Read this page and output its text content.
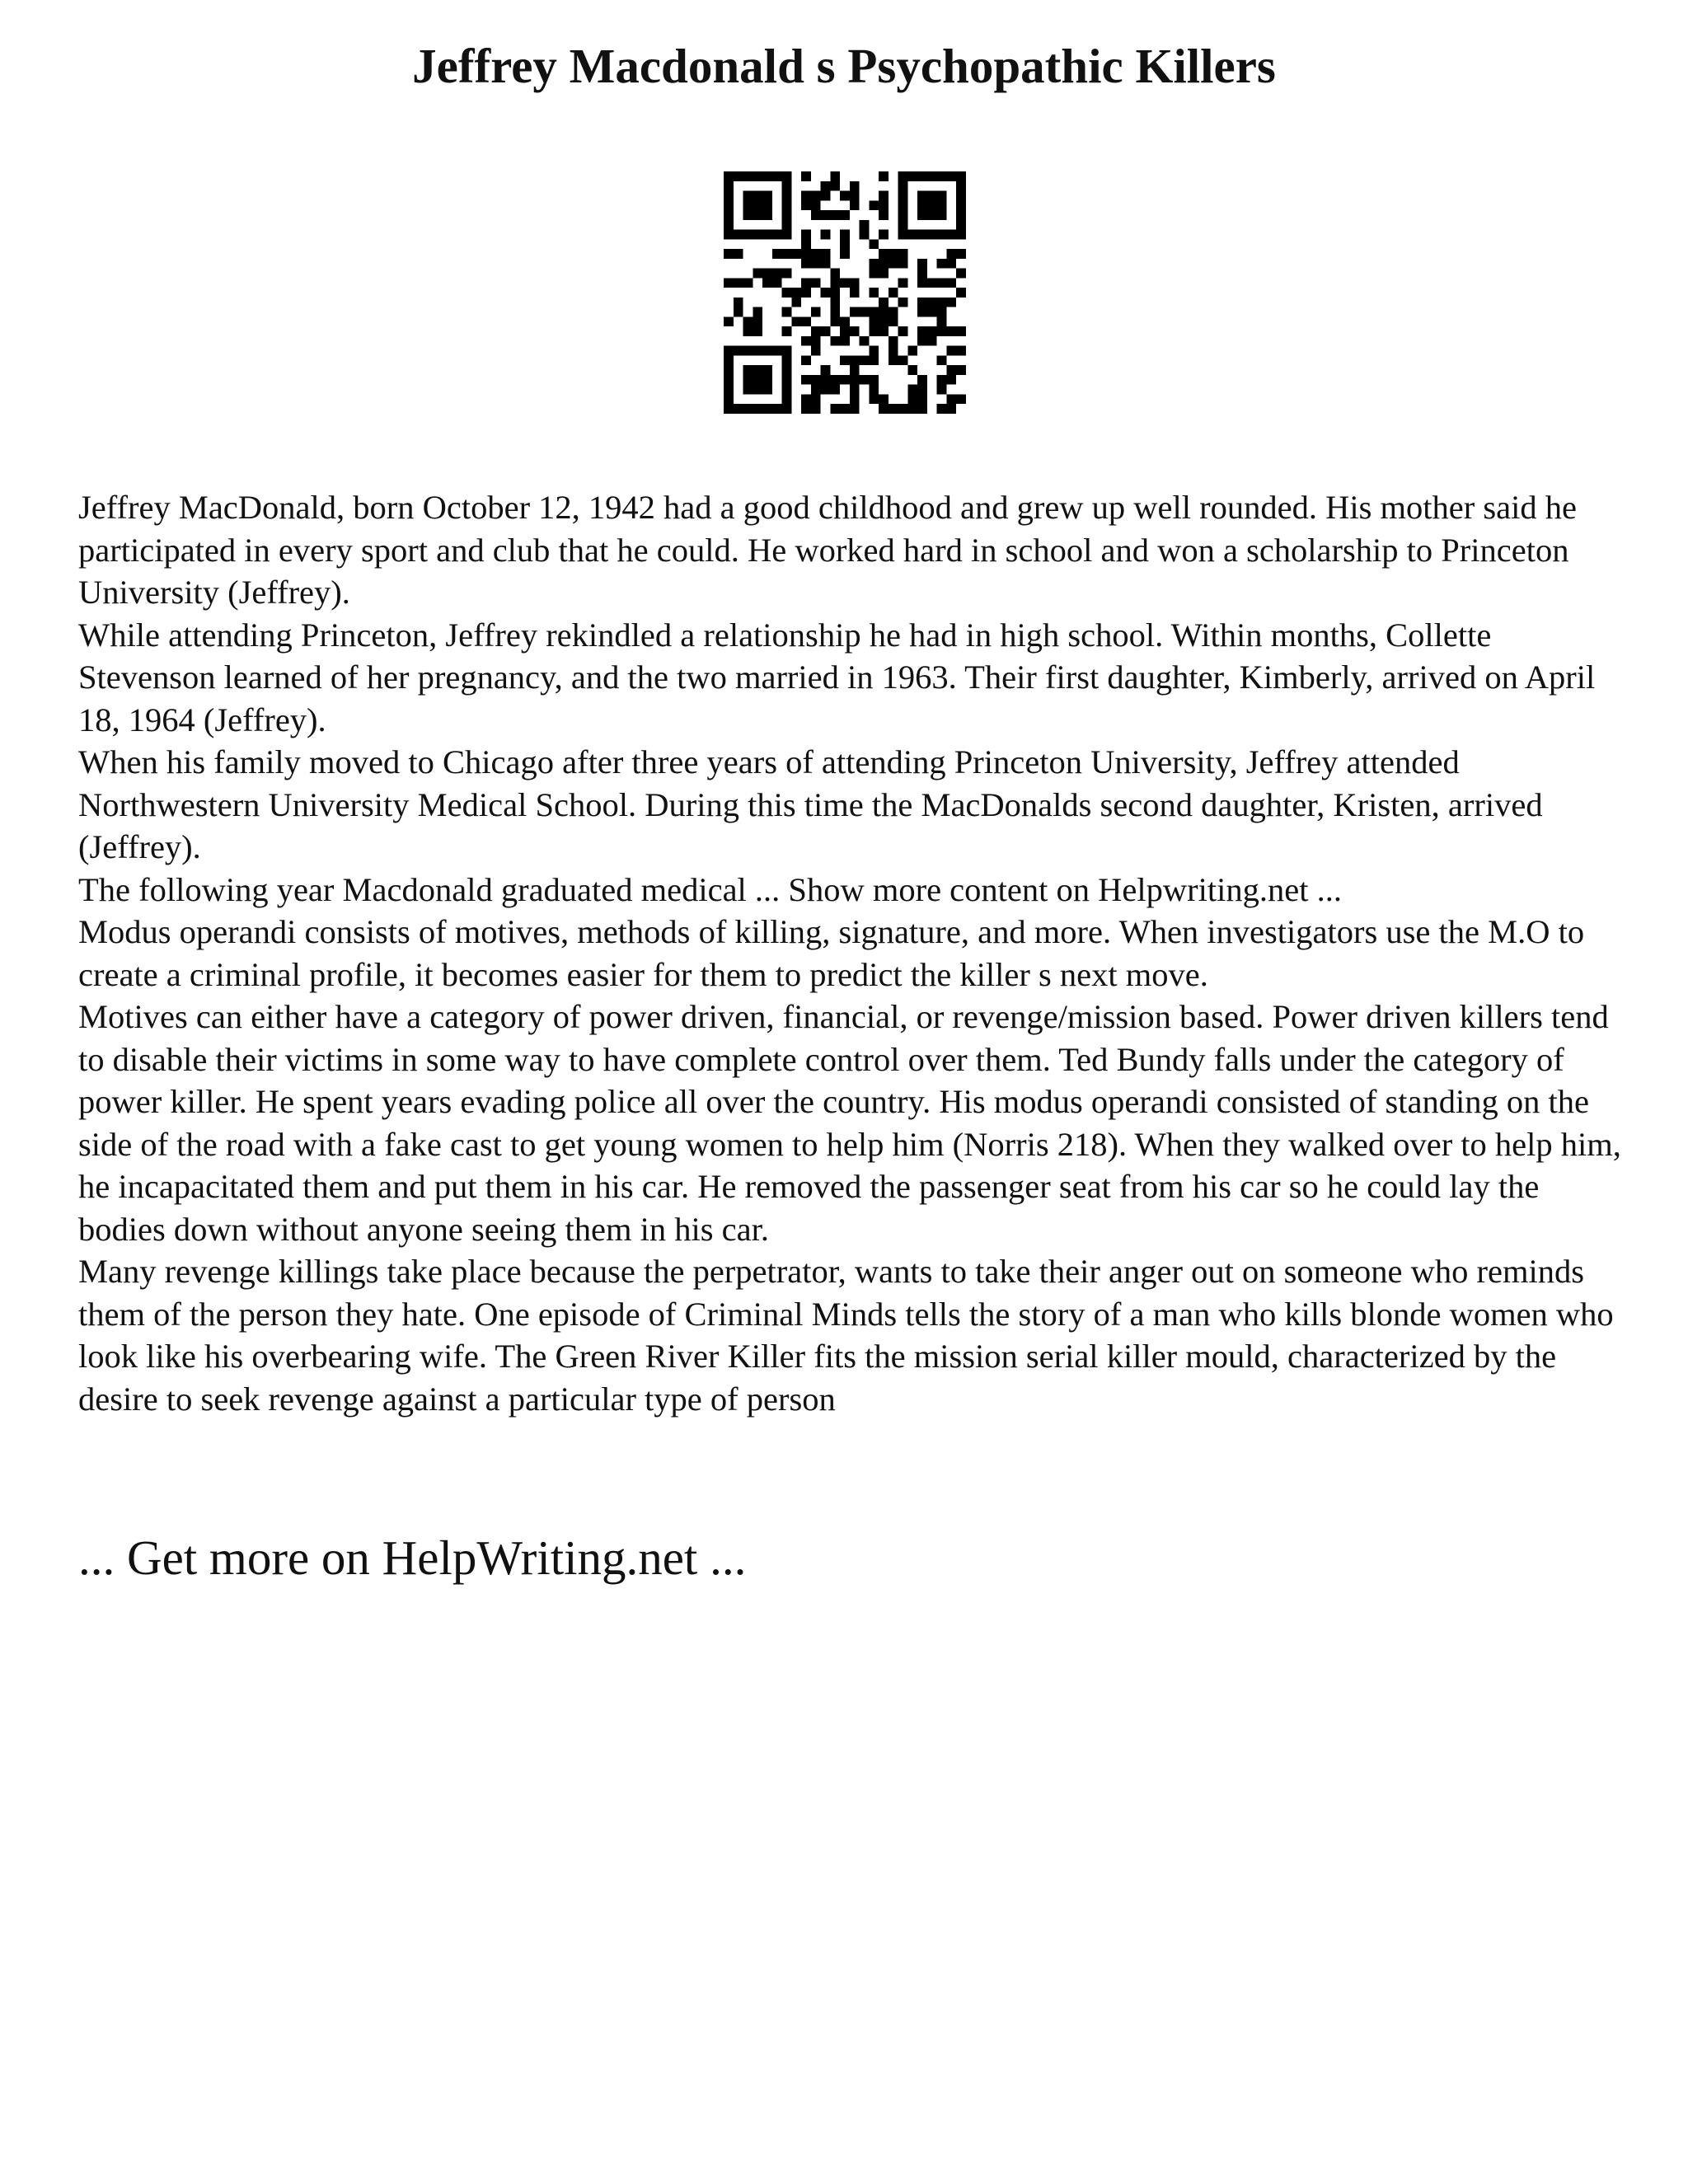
Jeffrey Macdonald s Psychopathic Killers

Jeffrey MacDonald, born October 12, 1942 had a good childhood and grew up well rounded. His mother said he participated in every sport and club that he could. He worked hard in school and won a scholarship to Princeton University (Jeffrey).

While attending Princeton, Jeffrey rekindled a relationship he had in high school. Within months, Collette Stevenson learned of her pregnancy, and the two married in 1963. Their first daughter, Kimberly, arrived on April 18, 1964 (Jeffrey).

When his family moved to Chicago after three years of attending Princeton University, Jeffrey attended Northwestern University Medical School. During this time the MacDonalds second daughter, Kristen, arrived (Jeffrey).

The following year Macdonald graduated medical ... Show more content on Helpwriting.net ...

Modus operandi consists of motives, methods of killing, signature, and more. When investigators use the M.O to create a criminal profile, it becomes easier for them to predict the killer s next move.

Motives can either have a category of power driven, financial, or revenge/mission based. Power driven killers tend to disable their victims in some way to have complete control over them. Ted Bundy falls under the category of power killer. He spent years evading police all over the country. His modus operandi consisted of standing on the side of the road with a fake cast to get young women to help him (Norris 218). When they walked over to help him, he incapacitated them and put them in his car. He removed the passenger seat from his car so he could lay the bodies down without anyone seeing them in his car.

Many revenge killings take place because the perpetrator, wants to take their anger out on someone who reminds them of the person they hate. One episode of Criminal Minds tells the story of a man who kills blonde women who look like his overbearing wife. The Green River Killer fits the mission serial killer mould, characterized by the desire to seek revenge against a particular type of person

... Get more on HelpWriting.net ...
